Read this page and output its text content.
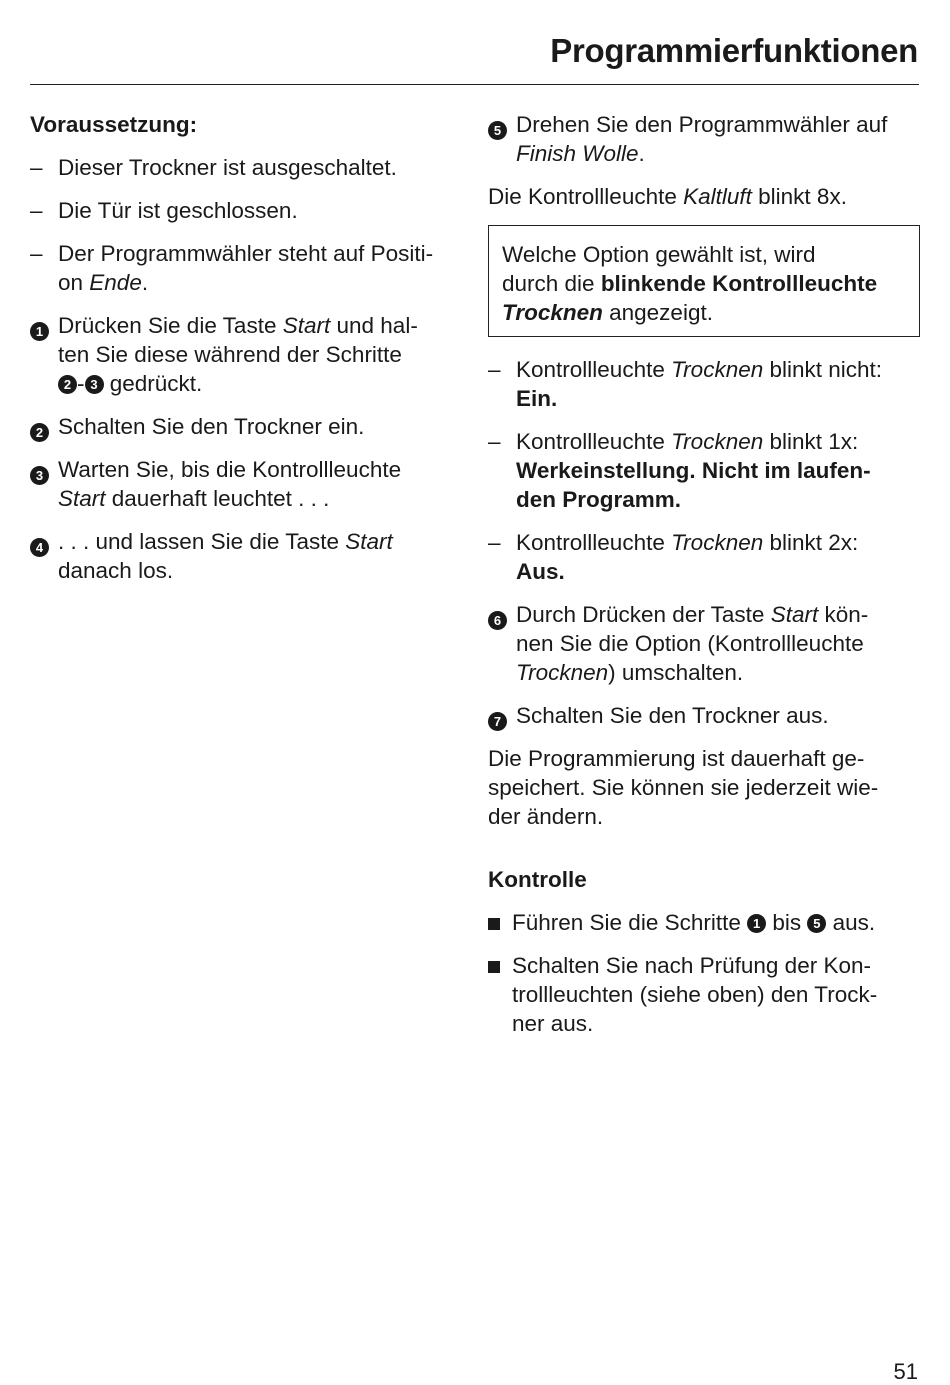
Programmierfunktionen
Voraussetzung:
– Dieser Trockner ist ausgeschaltet.
– Die Tür ist geschlossen.
– Der Programmwähler steht auf Positi-
on Ende.
1 Drücken Sie die Taste Start und hal-
ten Sie diese während der Schritte
2 - 3 gedrückt.
2 Schalten Sie den Trockner ein.
3 Warten Sie, bis die Kontrollleuchte
Start dauerhaft leuchtet . . .
4 . . . und lassen Sie die Taste Start
danach los.
5 Drehen Sie den Programmwähler auf
Finish Wolle.
Die Kontrollleuchte Kaltluft blinkt 8x.
Welche Option gewählt ist, wird
durch die blinkende Kontrollleuchte
Trocknen angezeigt.
– Kontrollleuchte Trocknen blinkt nicht:
Ein.
– Kontrollleuchte Trocknen blinkt 1x:
Werkeinstellung. Nicht im laufen-
den Programm.
– Kontrollleuchte Trocknen blinkt 2x:
Aus.
6 Durch Drücken der Taste Start kön-
nen Sie die Option (Kontrollleuchte
Trocknen) umschalten.
7 Schalten Sie den Trockner aus.
Die Programmierung ist dauerhaft ge-
speichert. Sie können sie jederzeit wie-
der ändern.
Kontrolle
Führen Sie die Schritte 1 bis 5 aus.
Schalten Sie nach Prüfung der Kon-
trollleuchten (siehe oben) den Trock-
ner aus.
51
